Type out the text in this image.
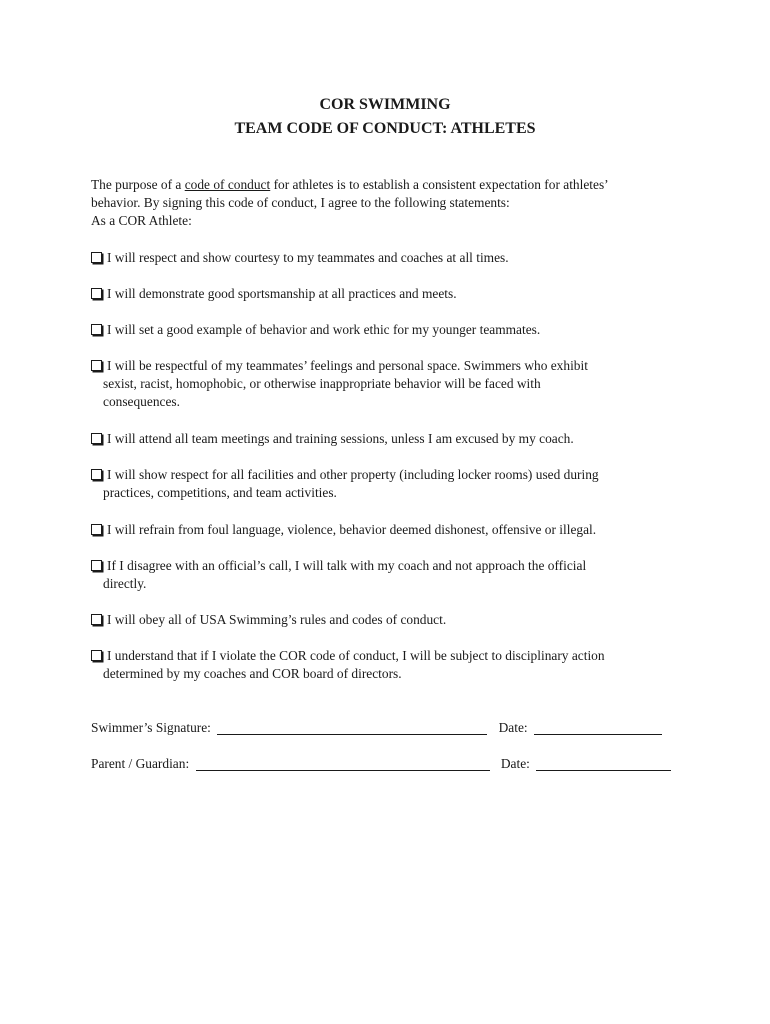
COR SWIMMING
TEAM CODE OF CONDUCT: ATHLETES
The purpose of a code of conduct for athletes is to establish a consistent expectation for athletes’
behavior. By signing this code of conduct, I agree to the following statements:
As a COR Athlete:
I will respect and show courtesy to my teammates and coaches at all times.
I will demonstrate good sportsmanship at all practices and meets.
I will set a good example of behavior and work ethic for my younger teammates.
I will be respectful of my teammates’ feelings and personal space. Swimmers who exhibit
sexist, racist, homophobic, or otherwise inappropriate behavior will be faced with
consequences.
I will attend all team meetings and training sessions, unless I am excused by my coach.
I will show respect for all facilities and other property (including locker rooms) used during
practices, competitions, and team activities.
I will refrain from foul language, violence, behavior deemed dishonest, offensive or illegal.
If I disagree with an official’s call, I will talk with my coach and not approach the official
directly.
I will obey all of USA Swimming’s rules and codes of conduct.
I understand that if I violate the COR code of conduct, I will be subject to disciplinary action
determined by my coaches and COR board of directors.
Swimmer’s Signature:	Date:
Parent / Guardian:	Date:
